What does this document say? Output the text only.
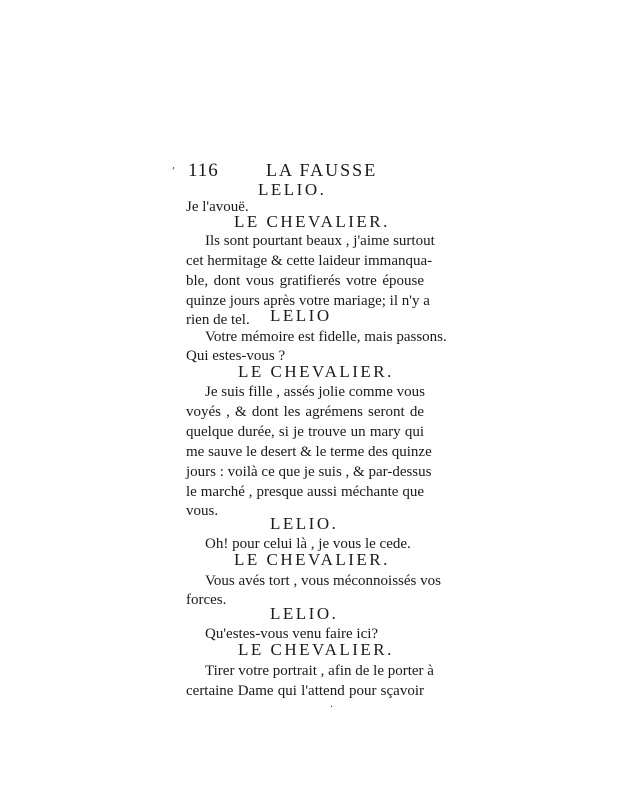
116	LA FAUSSE
,
LELIO.
Je l'avouë.
LE CHEVALIER.
Ils sont pourtant beaux , j'aime surtout
cet hermitage & cette laideur immanqua-
ble, dont vous gratifierés votre épouse
quinze jours après votre mariage; il n'y a
rien de tel.	LELIO
Votre mémoire est fidelle, mais passons.
Qui estes-vous ?
LE CHEVALIER.
Je suis fille , assés jolie comme vous
voyés , & dont les agrémens seront de
quelque durée, si je trouve un mary qui
me sauve le desert & le terme des quinze
jours : voilà ce que je suis , & par-dessus
le marché , presque aussi méchante que
vous.
LELIO.
Oh! pour celui là , je vous le cede.
LE CHEVALIER.
Vous avés tort , vous méconnoissés vos
forces.
LELIO.
Qu'estes-vous venu faire ici?
LE CHEVALIER.
Tirer votre portrait , afin de le porter à
certaine Dame qui l'attend pour sçavoir
·
